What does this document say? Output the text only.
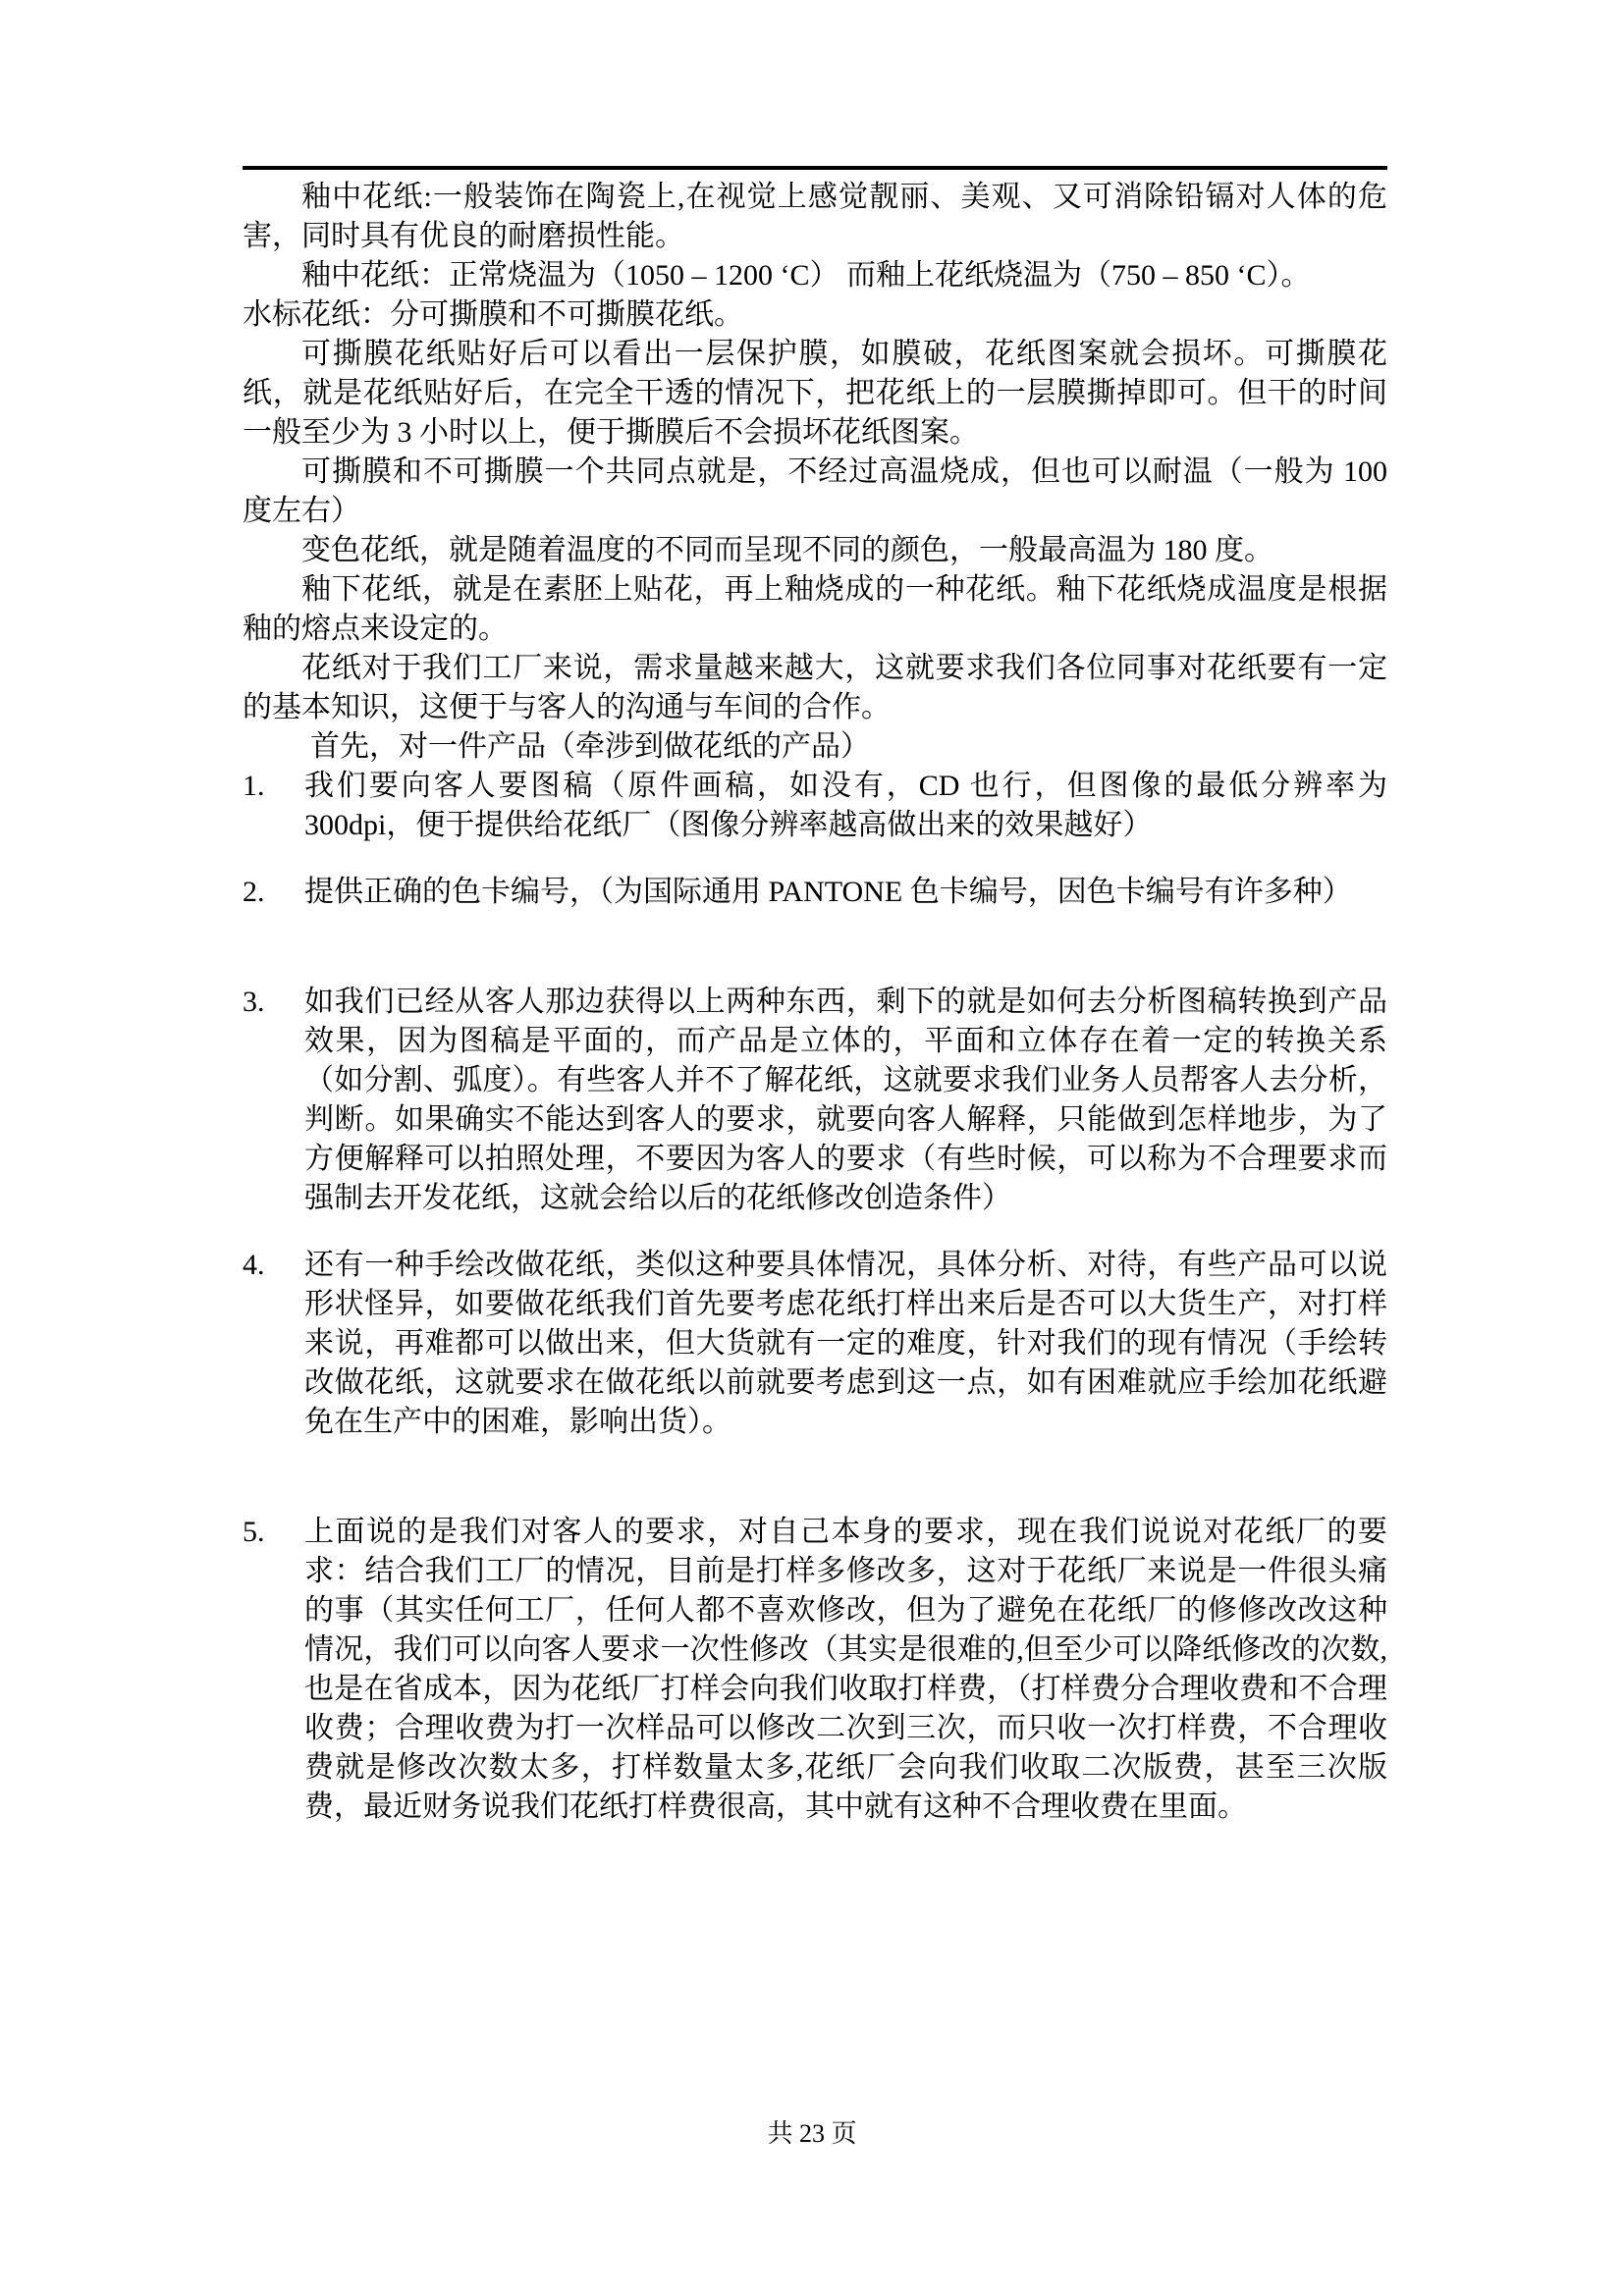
釉中花纸:一般装饰在陶瓷上,在视觉上感觉靓丽、美观、又可消除铅镉对人体的危害，同时具有优良的耐磨损性能。

釉中花纸：正常烧温为（1050 – 1200 ‘C） 而釉上花纸烧温为（750 – 850 ‘C）。

水标花纸：分可撕膜和不可撕膜花纸。

可撕膜花纸贴好后可以看出一层保护膜，如膜破，花纸图案就会损坏。可撕膜花纸，就是花纸贴好后，在完全干透的情况下，把花纸上的一层膜撕掉即可。但干的时间一般至少为 3 小时以上，便于撕膜后不会损坏花纸图案。

可撕膜和不可撕膜一个共同点就是，不经过高温烧成，但也可以耐温（一般为 100 度左右）

变色花纸，就是随着温度的不同而呈现不同的颜色，一般最高温为 180 度。

釉下花纸，就是在素胚上贴花，再上釉烧成的一种花纸。釉下花纸烧成温度是根据釉的熔点来设定的。

花纸对于我们工厂来说，需求量越来越大，这就要求我们各位同事对花纸要有一定的基本知识，这便于与客人的沟通与车间的合作。

首先，对一件产品（牵涉到做花纸的产品）

1.	我们要向客人要图稿（原件画稿，如没有，CD 也行，但图像的最低分辨率为 300dpi，便于提供给花纸厂（图像分辨率越高做出来的效果越好）
2.	提供正确的色卡编号，（为国际通用 PANTONE 色卡编号，因色卡编号有许多种）
3.	如我们已经从客人那边获得以上两种东西，剩下的就是如何去分析图稿转换到产品效果，因为图稿是平面的，而产品是立体的，平面和立体存在着一定的转换关系（如分割、弧度）。有些客人并不了解花纸，这就要求我们业务人员帮客人去分析，判断。如果确实不能达到客人的要求，就要向客人解释，只能做到怎样地步，为了方便解释可以拍照处理，不要因为客人的要求（有些时候，可以称为不合理要求而强制去开发花纸，这就会给以后的花纸修改创造条件）
4.	还有一种手绘改做花纸，类似这种要具体情况，具体分析、对待，有些产品可以说形状怪异，如要做花纸我们首先要考虑花纸打样出来后是否可以大货生产，对打样来说，再难都可以做出来，但大货就有一定的难度，针对我们的现有情况（手绘转改做花纸，这就要求在做花纸以前就要考虑到这一点，如有困难就应手绘加花纸避免在生产中的困难，影响出货）。
5.	上面说的是我们对客人的要求，对自己本身的要求，现在我们说说对花纸厂的要求：结合我们工厂的情况，目前是打样多修改多，这对于花纸厂来说是一件很头痛的事（其实任何工厂，任何人都不喜欢修改，但为了避免在花纸厂的修修改改这种情况，我们可以向客人要求一次性修改（其实是很难的,但至少可以降纸修改的次数,也是在省成本，因为花纸厂打样会向我们收取打样费，（打样费分合理收费和不合理收费；合理收费为打一次样品可以修改二次到三次，而只收一次打样费，不合理收费就是修改次数太多，打样数量太多,花纸厂会向我们收取二次版费，甚至三次版费，最近财务说我们花纸打样费很高，其中就有这种不合理收费在里面。
共 23 页
